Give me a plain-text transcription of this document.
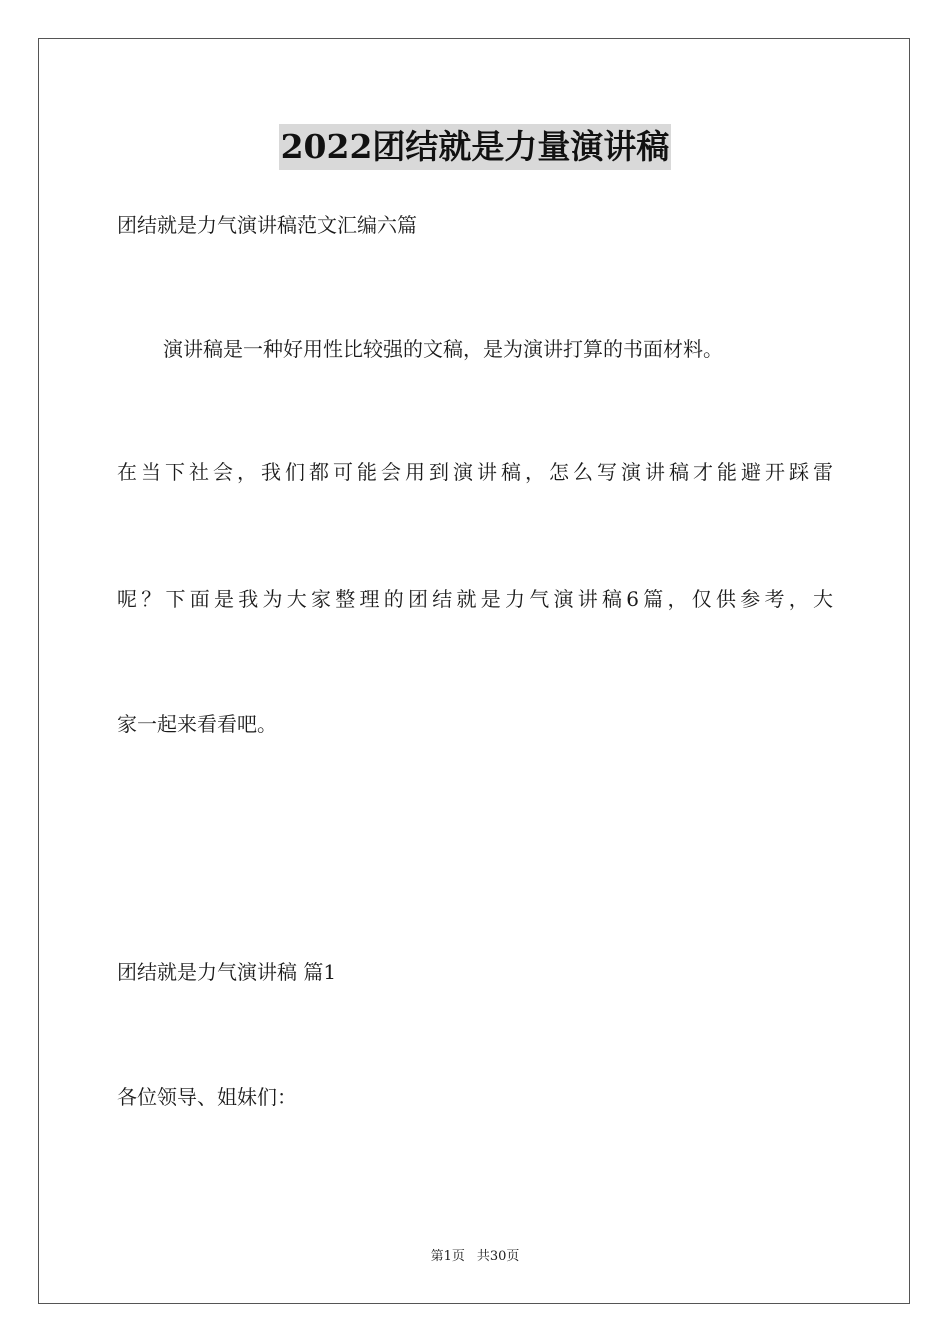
2022团结就是力量演讲稿
团结就是力气演讲稿范文汇编六篇
演讲稿是一种好用性比较强的文稿，是为演讲打算的书面材料。
在当下社会，我们都可能会用到演讲稿，怎么写演讲稿才能避开踩雷
呢？下面是我为大家整理的团结就是力气演讲稿6篇，仅供参考，大
家一起来看看吧。
团结就是力气演讲稿 篇1
各位领导、姐妹们：
第1页 共30页
